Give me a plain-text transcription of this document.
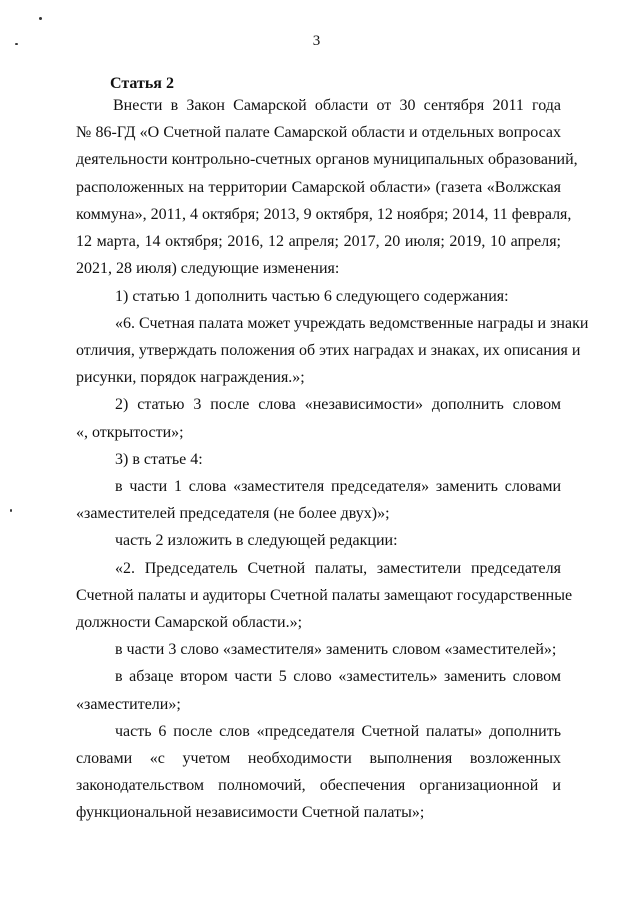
3
Статья 2
Внести в Закон Самарской области от 30 сентября 2011 года
№ 86-ГД «О Счетной палате Самарской области и отдельных вопросах
деятельности контрольно-счетных органов муниципальных образований,
расположенных на территории Самарской области» (газета «Волжская
коммуна», 2011, 4 октября; 2013, 9 октября, 12 ноября; 2014, 11 февраля,
12 марта, 14 октября; 2016, 12 апреля; 2017, 20 июля; 2019, 10 апреля;
2021, 28 июля) следующие изменения:
1) статью 1 дополнить частью 6 следующего содержания:
«6. Счетная палата может учреждать ведомственные награды и знаки
отличия, утверждать положения об этих наградах и знаках, их описания и
рисунки, порядок награждения.»;
2) статью 3 после слова «независимости» дополнить словом
«, открытости»;
3) в статье 4:
в части 1 слова «заместителя председателя» заменить словами
«заместителей председателя (не более двух)»;
часть 2 изложить в следующей редакции:
«2. Председатель Счетной палаты, заместители председателя
Счетной палаты и аудиторы Счетной палаты замещают государственные
должности Самарской области.»;
в части 3 слово «заместителя» заменить словом «заместителей»;
в абзаце втором части 5 слово «заместитель» заменить словом
«заместители»;
часть 6 после слов «председателя Счетной палаты» дополнить
словами «с учетом необходимости выполнения возложенных
законодательством полномочий, обеспечения организационной и
функциональной независимости Счетной палаты»;
